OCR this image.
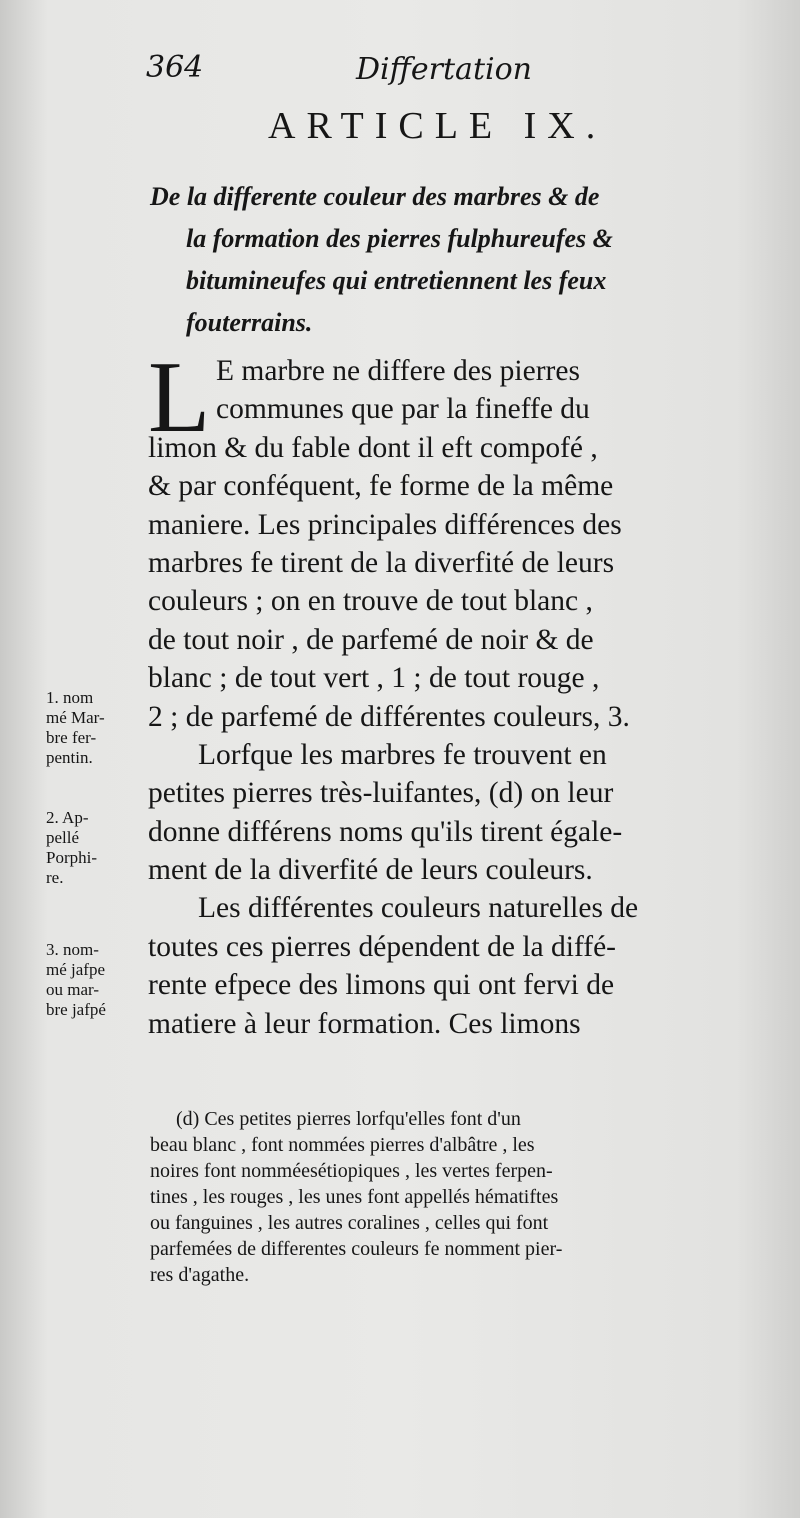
364	Differtation
ARTICLE IX.
De la differente couleur des marbres & de
la formation des pierres fulphureufes &
bitumineufes qui entretiennent les feux
fouterrains.
L E marbre ne differe des pierres
communes que par la fineffe du
limon & du fable dont il eft compofé ,
& par conféquent, fe forme de la même
maniere. Les principales différences des
marbres fe tirent de la diverfité de leurs
couleurs ; on en trouve de tout blanc ,
de tout noir , de parfemé de noir & de
blanc ; de tout vert , 1 ; de tout rouge ,
2 ; de parfemé de différentes couleurs, 3.
Lorfque les marbres fe trouvent en
petites pierres très-luifantes, (d) on leur
donne différens noms qu'ils tirent égale-
ment de la diverfité de leurs couleurs.
Les différentes couleurs naturelles de
toutes ces pierres dépendent de la diffé-
rente efpece des limons qui ont fervi de
matiere à leur formation. Ces limons
1. nom
mé Mar-
bre fer-
pentin.
2. Ap-
pellé
Porphi-
re.
3. nom-
mé jafpe
ou mar-
bre jafpé
(d) Ces petites pierres lorfqu'elles font d'un
beau blanc , font nommées pierres d'albâtre , les
noires font nomméesétiopiques , les vertes ferpen-
tines , les rouges , les unes font appellés hématiftes
ou fanguines , les autres coralines , celles qui font
parfemées de differentes couleurs fe nomment pier-
res d'agathe.
